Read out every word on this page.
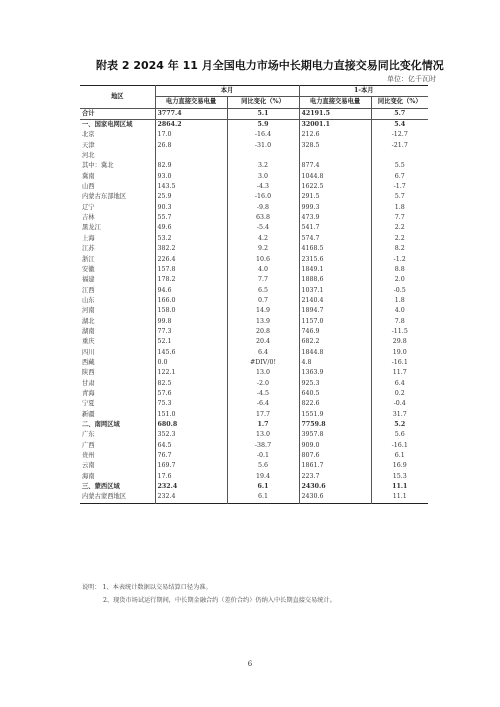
附表 2 2024 年 11 月全国电力市场中长期电力直接交易同比变化情况
单位：亿千瓦时
地区	本月		1-本月	
	电力直接交易电量	同比变化（%）	电力直接交易电量	同比变化（%）
合计	3777.4	5.1	42191.5	5.7
一、国家电网区域	2864.2	5.9	32001.1	5.4
北京	17.0	-16.4	212.6	-12.7
天津	26.8	-31.0	328.5	-21.7
河北				
其中：冀北	82.9	3.2	877.4	5.5
冀南	93.0	3.0	1044.8	6.7
山西	143.5	-4.3	1622.5	-1.7
内蒙古东部地区	25.9	-16.0	291.5	5.7
辽宁	90.3	-9.8	999.3	1.8
吉林	55.7	63.8	473.9	7.7
黑龙江	49.6	-5.4	541.7	2.2
上海	53.2	4.2	574.7	2.2
江苏	382.2	9.2	4168.5	8.2
浙江	226.4	10.6	2315.6	-1.2
安徽	157.8	4.0	1849.1	8.8
福建	178.2	7.7	1888.6	2.0
江西	94.6	6.5	1037.1	-0.5
山东	166.0	0.7	2140.4	1.8
河南	158.0	14.9	1894.7	4.0
湖北	99.8	13.9	1157.0	7.8
湖南	77.3	20.8	746.9	-11.5
重庆	52.1	20.4	682.2	29.8
四川	145.6	6.4	1844.8	19.0
西藏	0.0	#DIV/0!	4.8	-16.1
陕西	122.1	13.0	1363.9	11.7
甘肃	82.5	-2.0	925.3	6.4
青海	57.6	-4.5	640.5	0.2
宁夏	75.3	-6.4	822.6	-0.4
新疆	151.0	17.7	1551.9	31.7
二、南网区域	680.8	1.7	7759.8	5.2
广东	352.3	13.0	3957.8	5.6
广西	64.5	-38.7	909.0	-16.1
贵州	76.7	-0.1	807.6	6.1
云南	169.7	5.6	1861.7	16.9
海南	17.6	19.4	223.7	15.3
三、蒙西区域	232.4	6.1	2430.6	11.1
内蒙古蒙西地区	232.4	6.1	2430.6	11.1
说明： 1、本表统计数据以交易结算口径为准。
2、现货市场试运行期间，中长期金融合约（差价合约）仍纳入中长期直接交易统计。
6
